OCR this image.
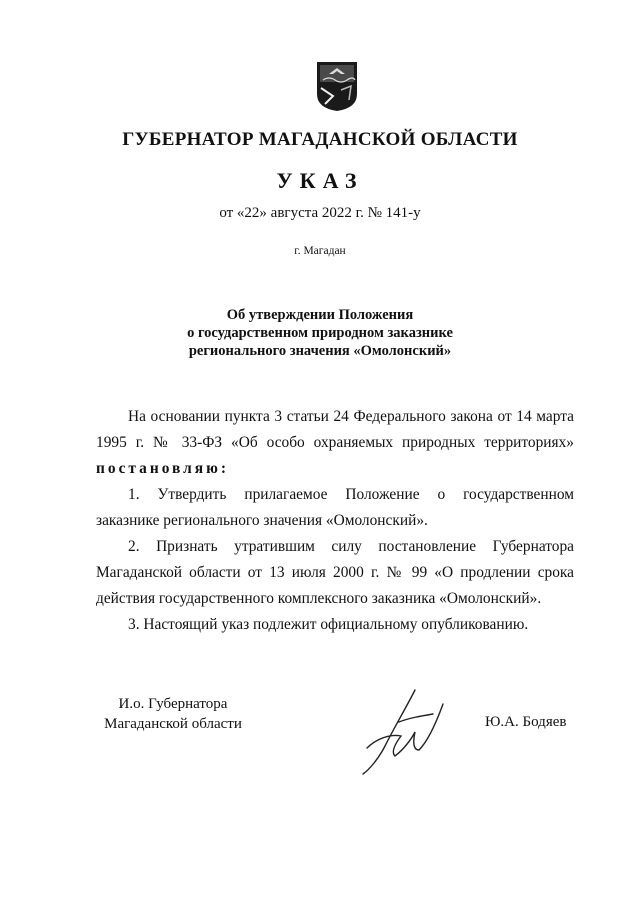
ГУБЕРНАТОР МАГАДАНСКОЙ ОБЛАСТИ
УКАЗ
от «22» августа 2022 г. № 141-у
г. Магадан
Об утверждении Положения
о государственном природном заказнике
регионального значения «Омолонский»
На основании пункта 3 статьи 24 Федерального закона от 14 марта
1995 г. № 33-ФЗ «Об особо охраняемых природных территориях»
постановляю:
1. Утвердить прилагаемое Положение о государственном
заказнике регионального значения «Омолонский».
2. Признать утратившим силу постановление Губернатора
Магаданской области от 13 июля 2000 г. № 99 «О продлении срока
действия государственного комплексного заказника «Омолонский».
3. Настоящий указ подлежит официальному опубликованию.
И.о. Губернатора
Магаданской области	Ю.А. Бодяев
